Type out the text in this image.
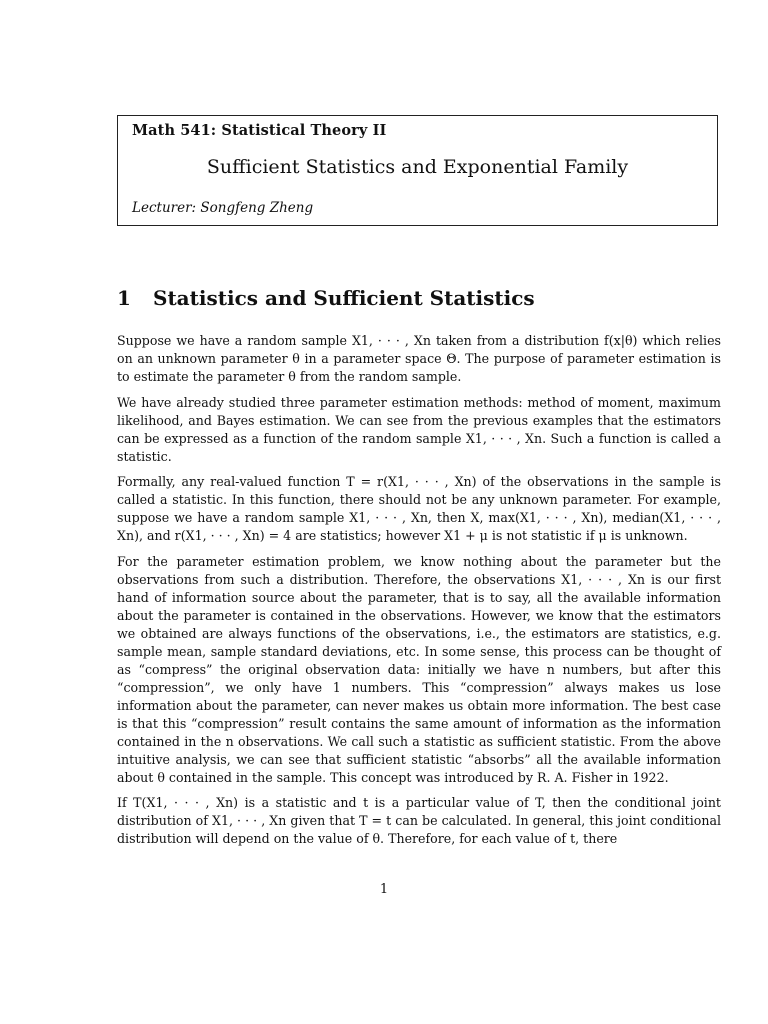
Math 541: Statistical Theory II
Sufficient Statistics and Exponential Family
Lecturer: Songfeng Zheng
1 Statistics and Sufficient Statistics

Suppose we have a random sample X1, · · · , Xn taken from a distribution f(x|θ) which relies on an unknown parameter θ in a parameter space Θ. The purpose of parameter estimation is to estimate the parameter θ from the random sample.

We have already studied three parameter estimation methods: method of moment, maximum likelihood, and Bayes estimation. We can see from the previous examples that the estimators can be expressed as a function of the random sample X1, · · · , Xn. Such a function is called a statistic.

Formally, any real-valued function T = r(X1, · · · , Xn) of the observations in the sample is called a statistic. In this function, there should not be any unknown parameter. For example, suppose we have a random sample X1, · · · , Xn, then X, max(X1, · · · , Xn), median(X1, · · · , Xn), and r(X1, · · · , Xn) = 4 are statistics; however X1 + μ is not statistic if μ is unknown.

For the parameter estimation problem, we know nothing about the parameter but the observations from such a distribution. Therefore, the observations X1, · · · , Xn is our first hand of information source about the parameter, that is to say, all the available information about the parameter is contained in the observations. However, we know that the estimators we obtained are always functions of the observations, i.e., the estimators are statistics, e.g. sample mean, sample standard deviations, etc. In some sense, this process can be thought of as “compress” the original observation data: initially we have n numbers, but after this “compression”, we only have 1 numbers. This “compression” always makes us lose information about the parameter, can never makes us obtain more information. The best case is that this “compression” result contains the same amount of information as the information contained in the n observations. We call such a statistic as sufficient statistic. From the above intuitive analysis, we can see that sufficient statistic “absorbs” all the available information about θ contained in the sample. This concept was introduced by R. A. Fisher in 1922.

If T(X1, · · · , Xn) is a statistic and t is a particular value of T, then the conditional joint distribution of X1, · · · , Xn given that T = t can be calculated. In general, this joint conditional distribution will depend on the value of θ. Therefore, for each value of t, there

1
